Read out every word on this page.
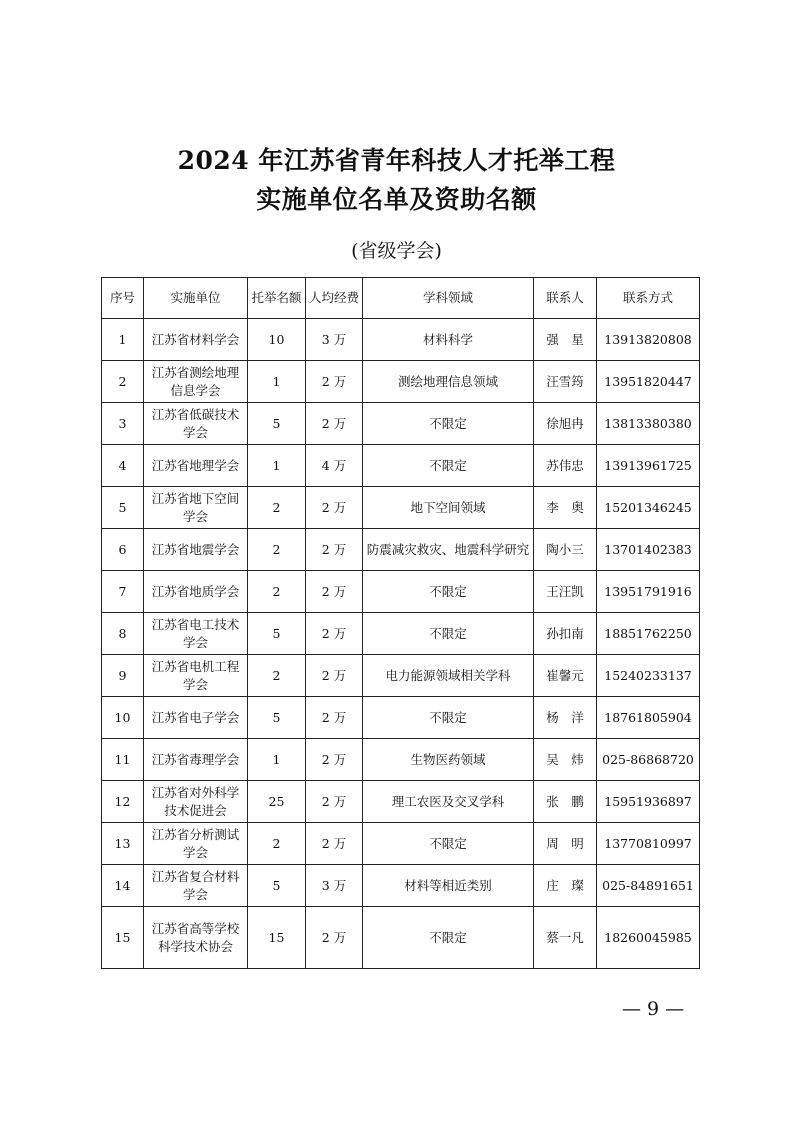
2024 年江苏省青年科技人才托举工程
实施单位名单及资助名额
(省级学会)
序号	实施单位	托举名额	人均经费	学科领域	联系人	联系方式
1	江苏省材料学会	10	3 万	材料科学	强　星	13913820808
2	江苏省测绘地理信息学会	1	2 万	测绘地理信息领域	汪雪筠	13951820447
3	江苏省低碳技术学会	5	2 万	不限定	徐旭冉	13813380380
4	江苏省地理学会	1	4 万	不限定	苏伟忠	13913961725
5	江苏省地下空间学会	2	2 万	地下空间领域	李　奥	15201346245
6	江苏省地震学会	2	2 万	防震减灾救灾、地震科学研究	陶小三	13701402383
7	江苏省地质学会	2	2 万	不限定	王汪凯	13951791916
8	江苏省电工技术学会	5	2 万	不限定	孙扣南	18851762250
9	江苏省电机工程学会	2	2 万	电力能源领域相关学科	崔馨元	15240233137
10	江苏省电子学会	5	2 万	不限定	杨　洋	18761805904
11	江苏省毒理学会	1	2 万	生物医药领域	吴　炜	025-86868720
12	江苏省对外科学技术促进会	25	2 万	理工农医及交叉学科	张　鹏	15951936897
13	江苏省分析测试学会	2	2 万	不限定	周　明	13770810997
14	江苏省复合材料学会	5	3 万	材料等相近类别	庄　璨	025-84891651
15	江苏省高等学校科学技术协会	15	2 万	不限定	蔡一凡	18260045985
— 9 —
